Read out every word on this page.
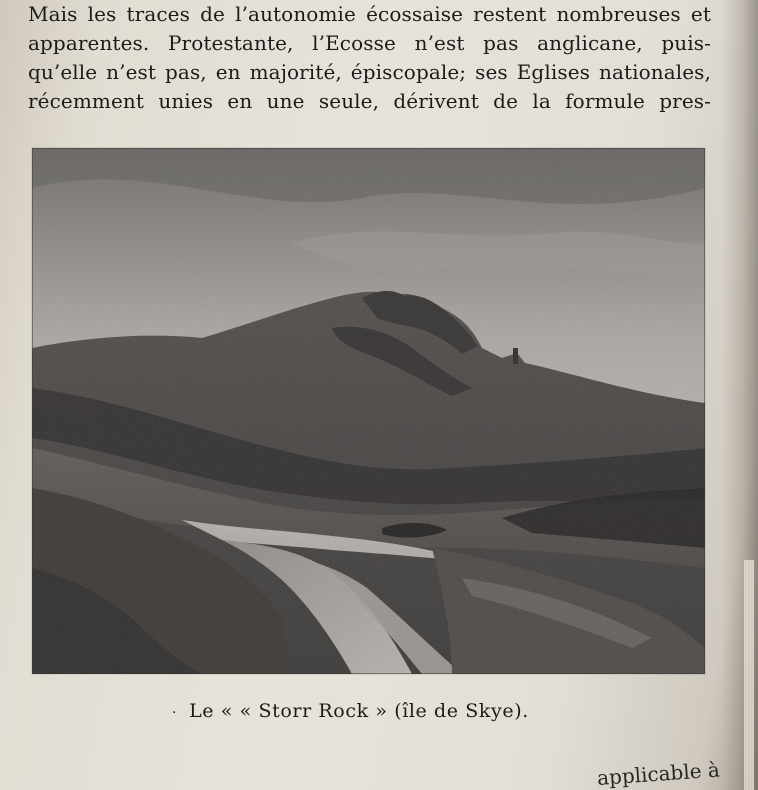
Mais les traces de l’autonomie écossaise restent nombreuses et
apparentes. Protestante, l’Ecosse n’est pas anglicane, puis-
qu’elle n’est pas, en majorité, épiscopale; ses Eglises nationales,
récemment unies en une seule, dérivent de la formule pres-
· Le « « Storr Rock » (île de Skye).
applicable à
